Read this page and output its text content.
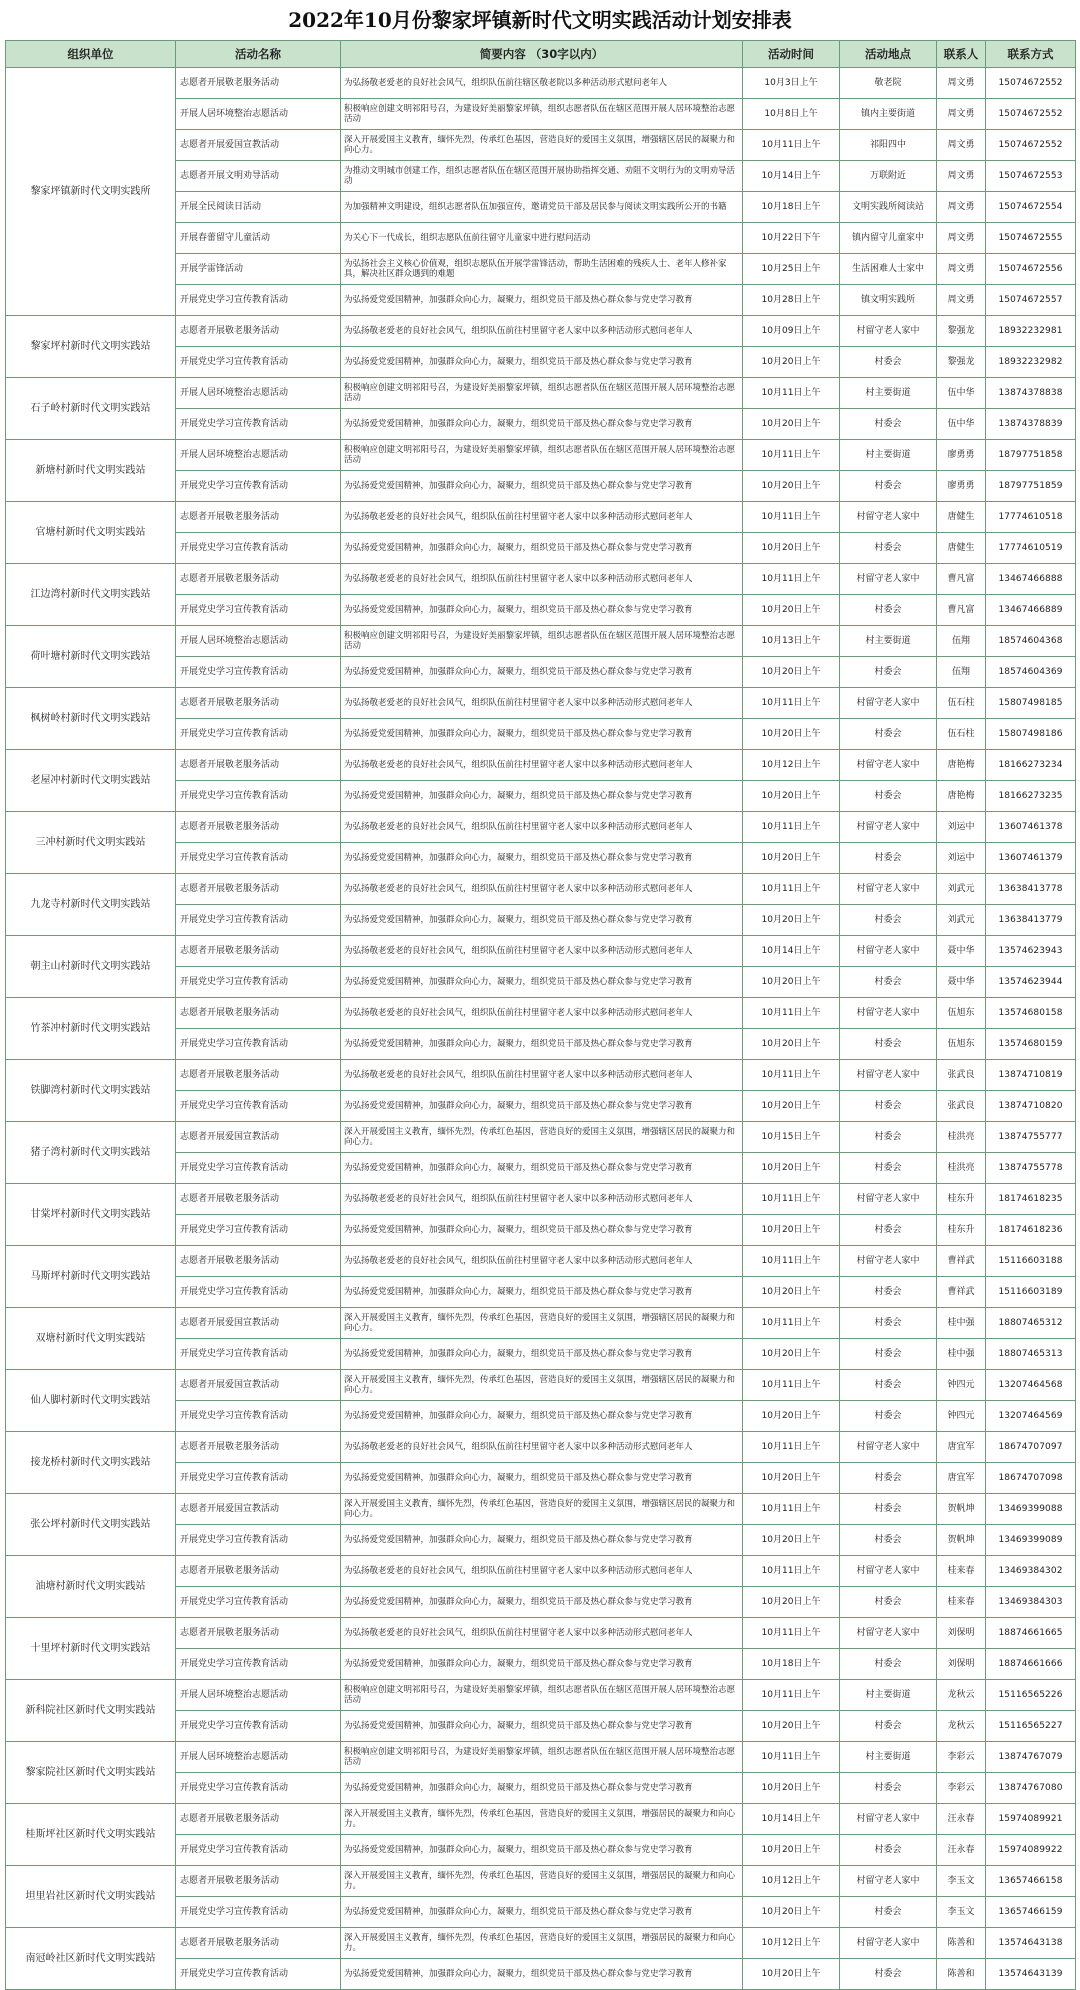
2022年10月份黎家坪镇新时代文明实践活动计划安排表
组织单位	活动名称	简要内容 （30字以内）	活动时间	活动地点	联系人	联系方式
黎家坪镇新时代文明实践所	志愿者开展敬老服务活动	为弘扬敬老爱老的良好社会风气，组织队伍前往辖区敬老院以多种活动形式慰问老年人	10月3日上午	敬老院	周文勇	15074672552
	开展人居环境整治志愿活动	积极响应创建文明祁阳号召，为建设好美丽黎家坪镇，组织志愿者队伍在辖区范围开展人居环境整治志愿活动	10月8日上午	镇内主要街道	周文勇	15074672552
	志愿者开展爱国宣教活动	深入开展爱国主义教育，缅怀先烈，传承红色基因，营造良好的爱国主义氛围，增强辖区居民的凝聚力和向心力。	10月11日上午	祁阳四中	周文勇	15074672552
	志愿者开展文明劝导活动	为推动文明城市创建工作，组织志愿者队伍在辖区范围开展协助指挥交通、劝阻不文明行为的文明劝导活动	10月14日上午	万联附近	周文勇	15074672553
	开展全民阅读日活动	为加强精神文明建设，组织志愿者队伍加强宣传，邀请党员干部及居民参与阅读文明实践所公开的书籍	10月18日上午	文明实践所阅读站	周文勇	15074672554
	开展春蕾留守儿童活动	为关心下一代成长，组织志愿队伍前往留守儿童家中进行慰问活动	10月22日下午	镇内留守儿童家中	周文勇	15074672555
	开展学雷锋活动	为弘扬社会主义核心价值观，组织志愿队伍开展学雷锋活动，帮助生活困难的残疾人士、老年人修补家具，解决社区群众遇到的难题	10月25日上午	生活困难人士家中	周文勇	15074672556
	开展党史学习宣传教育活动	为弘扬爱党爱国精神，加强群众向心力，凝聚力，组织党员干部及热心群众参与党史学习教育	10月28日上午	镇文明实践所	周文勇	15074672557
黎家坪村新时代文明实践站	志愿者开展敬老服务活动	为弘扬敬老爱老的良好社会风气，组织队伍前往村里留守老人家中以多种活动形式慰问老年人	10月09日上午	村留守老人家中	黎强龙	18932232981
	开展党史学习宣传教育活动	为弘扬爱党爱国精神，加强群众向心力，凝聚力，组织党员干部及热心群众参与党史学习教育	10月20日上午	村委会	黎强龙	18932232982
石子岭村新时代文明实践站	开展人居环境整治志愿活动	积极响应创建文明祁阳号召，为建设好美丽黎家坪镇，组织志愿者队伍在辖区范围开展人居环境整治志愿活动	10月11日上午	村主要街道	伍中华	13874378838
	开展党史学习宣传教育活动	为弘扬爱党爱国精神，加强群众向心力，凝聚力，组织党员干部及热心群众参与党史学习教育	10月20日上午	村委会	伍中华	13874378839
新塘村新时代文明实践站	开展人居环境整治志愿活动	积极响应创建文明祁阳号召，为建设好美丽黎家坪镇，组织志愿者队伍在辖区范围开展人居环境整治志愿活动	10月11日上午	村主要街道	廖勇勇	18797751858
	开展党史学习宣传教育活动	为弘扬爱党爱国精神，加强群众向心力，凝聚力，组织党员干部及热心群众参与党史学习教育	10月20日上午	村委会	廖勇勇	18797751859
官塘村新时代文明实践站	志愿者开展敬老服务活动	为弘扬敬老爱老的良好社会风气，组织队伍前往村里留守老人家中以多种活动形式慰问老年人	10月11日上午	村留守老人家中	唐健生	17774610518
	开展党史学习宣传教育活动	为弘扬爱党爱国精神，加强群众向心力，凝聚力，组织党员干部及热心群众参与党史学习教育	10月20日上午	村委会	唐健生	17774610519
江边湾村新时代文明实践站	志愿者开展敬老服务活动	为弘扬敬老爱老的良好社会风气，组织队伍前往村里留守老人家中以多种活动形式慰问老年人	10月11日上午	村留守老人家中	曹凡富	13467466888
	开展党史学习宣传教育活动	为弘扬爱党爱国精神，加强群众向心力，凝聚力，组织党员干部及热心群众参与党史学习教育	10月20日上午	村委会	曹凡富	13467466889
荷叶塘村新时代文明实践站	开展人居环境整治志愿活动	积极响应创建文明祁阳号召，为建设好美丽黎家坪镇，组织志愿者队伍在辖区范围开展人居环境整治志愿活动	10月13日上午	村主要街道	伍翔	18574604368
	开展党史学习宣传教育活动	为弘扬爱党爱国精神，加强群众向心力，凝聚力，组织党员干部及热心群众参与党史学习教育	10月20日上午	村委会	伍翔	18574604369
枫树岭村新时代文明实践站	志愿者开展敬老服务活动	为弘扬敬老爱老的良好社会风气，组织队伍前往村里留守老人家中以多种活动形式慰问老年人	10月11日上午	村留守老人家中	伍石柱	15807498185
	开展党史学习宣传教育活动	为弘扬爱党爱国精神，加强群众向心力，凝聚力，组织党员干部及热心群众参与党史学习教育	10月20日上午	村委会	伍石柱	15807498186
老屋冲村新时代文明实践站	志愿者开展敬老服务活动	为弘扬敬老爱老的良好社会风气，组织队伍前往村里留守老人家中以多种活动形式慰问老年人	10月12日上午	村留守老人家中	唐艳梅	18166273234
	开展党史学习宣传教育活动	为弘扬爱党爱国精神，加强群众向心力，凝聚力，组织党员干部及热心群众参与党史学习教育	10月20日上午	村委会	唐艳梅	18166273235
三冲村新时代文明实践站	志愿者开展敬老服务活动	为弘扬敬老爱老的良好社会风气，组织队伍前往村里留守老人家中以多种活动形式慰问老年人	10月11日上午	村留守老人家中	刘运中	13607461378
	开展党史学习宣传教育活动	为弘扬爱党爱国精神，加强群众向心力，凝聚力，组织党员干部及热心群众参与党史学习教育	10月20日上午	村委会	刘运中	13607461379
九龙寺村新时代文明实践站	志愿者开展敬老服务活动	为弘扬敬老爱老的良好社会风气，组织队伍前往村里留守老人家中以多种活动形式慰问老年人	10月11日上午	村留守老人家中	刘武元	13638413778
	开展党史学习宣传教育活动	为弘扬爱党爱国精神，加强群众向心力，凝聚力，组织党员干部及热心群众参与党史学习教育	10月20日上午	村委会	刘武元	13638413779
朝主山村新时代文明实践站	志愿者开展敬老服务活动	为弘扬敬老爱老的良好社会风气，组织队伍前往村里留守老人家中以多种活动形式慰问老年人	10月14日上午	村留守老人家中	聂中华	13574623943
	开展党史学习宣传教育活动	为弘扬爱党爱国精神，加强群众向心力，凝聚力，组织党员干部及热心群众参与党史学习教育	10月20日上午	村委会	聂中华	13574623944
竹茶冲村新时代文明实践站	志愿者开展敬老服务活动	为弘扬敬老爱老的良好社会风气，组织队伍前往村里留守老人家中以多种活动形式慰问老年人	10月11日上午	村留守老人家中	伍旭东	13574680158
	开展党史学习宣传教育活动	为弘扬爱党爱国精神，加强群众向心力，凝聚力，组织党员干部及热心群众参与党史学习教育	10月20日上午	村委会	伍旭东	13574680159
铁脚湾村新时代文明实践站	志愿者开展敬老服务活动	为弘扬敬老爱老的良好社会风气，组织队伍前往村里留守老人家中以多种活动形式慰问老年人	10月11日上午	村留守老人家中	张武良	13874710819
	开展党史学习宣传教育活动	为弘扬爱党爱国精神，加强群众向心力，凝聚力，组织党员干部及热心群众参与党史学习教育	10月20日上午	村委会	张武良	13874710820
猪子湾村新时代文明实践站	志愿者开展爱国宣教活动	深入开展爱国主义教育，缅怀先烈，传承红色基因，营造良好的爱国主义氛围，增强辖区居民的凝聚力和向心力。	10月15日上午	村委会	桂洪亮	13874755777
	开展党史学习宣传教育活动	为弘扬爱党爱国精神，加强群众向心力，凝聚力，组织党员干部及热心群众参与党史学习教育	10月20日上午	村委会	桂洪亮	13874755778
甘棠坪村新时代文明实践站	志愿者开展敬老服务活动	为弘扬敬老爱老的良好社会风气，组织队伍前往村里留守老人家中以多种活动形式慰问老年人	10月11日上午	村留守老人家中	桂东升	18174618235
	开展党史学习宣传教育活动	为弘扬爱党爱国精神，加强群众向心力，凝聚力，组织党员干部及热心群众参与党史学习教育	10月20日上午	村委会	桂东升	18174618236
马斯坪村新时代文明实践站	志愿者开展敬老服务活动	为弘扬敬老爱老的良好社会风气，组织队伍前往村里留守老人家中以多种活动形式慰问老年人	10月11日上午	村留守老人家中	曹祥武	15116603188
	开展党史学习宣传教育活动	为弘扬爱党爱国精神，加强群众向心力，凝聚力，组织党员干部及热心群众参与党史学习教育	10月20日上午	村委会	曹祥武	15116603189
双塘村新时代文明实践站	志愿者开展爱国宣教活动	深入开展爱国主义教育，缅怀先烈，传承红色基因，营造良好的爱国主义氛围，增强辖区居民的凝聚力和向心力。	10月11日上午	村委会	桂中强	18807465312
	开展党史学习宣传教育活动	为弘扬爱党爱国精神，加强群众向心力，凝聚力，组织党员干部及热心群众参与党史学习教育	10月20日上午	村委会	桂中强	18807465313
仙人脚村新时代文明实践站	志愿者开展爱国宣教活动	深入开展爱国主义教育，缅怀先烈，传承红色基因，营造良好的爱国主义氛围，增强辖区居民的凝聚力和向心力。	10月11日上午	村委会	钟四元	13207464568
	开展党史学习宣传教育活动	为弘扬爱党爱国精神，加强群众向心力，凝聚力，组织党员干部及热心群众参与党史学习教育	10月20日上午	村委会	钟四元	13207464569
接龙桥村新时代文明实践站	志愿者开展敬老服务活动	为弘扬敬老爱老的良好社会风气，组织队伍前往村里留守老人家中以多种活动形式慰问老年人	10月11日上午	村留守老人家中	唐宜军	18674707097
	开展党史学习宣传教育活动	为弘扬爱党爱国精神，加强群众向心力，凝聚力，组织党员干部及热心群众参与党史学习教育	10月20日上午	村委会	唐宜军	18674707098
张公坪村新时代文明实践站	志愿者开展爱国宣教活动	深入开展爱国主义教育，缅怀先烈，传承红色基因，营造良好的爱国主义氛围，增强辖区居民的凝聚力和向心力。	10月11日上午	村委会	贺帆坤	13469399088
	开展党史学习宣传教育活动	为弘扬爱党爱国精神，加强群众向心力，凝聚力，组织党员干部及热心群众参与党史学习教育	10月20日上午	村委会	贺帆坤	13469399089
油塘村新时代文明实践站	志愿者开展敬老服务活动	为弘扬敬老爱老的良好社会风气，组织队伍前往村里留守老人家中以多种活动形式慰问老年人	10月11日上午	村留守老人家中	桂来春	13469384302
	开展党史学习宣传教育活动	为弘扬爱党爱国精神，加强群众向心力，凝聚力，组织党员干部及热心群众参与党史学习教育	10月20日上午	村委会	桂来春	13469384303
十里坪村新时代文明实践站	志愿者开展敬老服务活动	为弘扬敬老爱老的良好社会风气，组织队伍前往村里留守老人家中以多种活动形式慰问老年人	10月11日上午	村留守老人家中	刘保明	18874661665
	开展党史学习宣传教育活动	为弘扬爱党爱国精神，加强群众向心力，凝聚力，组织党员干部及热心群众参与党史学习教育	10月18日上午	村委会	刘保明	18874661666
新科院社区新时代文明实践站	开展人居环境整治志愿活动	积极响应创建文明祁阳号召，为建设好美丽黎家坪镇，组织志愿者队伍在辖区范围开展人居环境整治志愿活动	10月11日上午	村主要街道	龙秋云	15116565226
	开展党史学习宣传教育活动	为弘扬爱党爱国精神，加强群众向心力，凝聚力，组织党员干部及热心群众参与党史学习教育	10月20日上午	村委会	龙秋云	15116565227
黎家院社区新时代文明实践站	开展人居环境整治志愿活动	积极响应创建文明祁阳号召，为建设好美丽黎家坪镇，组织志愿者队伍在辖区范围开展人居环境整治志愿活动	10月11日上午	村主要街道	李彩云	13874767079
	开展党史学习宣传教育活动	为弘扬爱党爱国精神，加强群众向心力，凝聚力，组织党员干部及热心群众参与党史学习教育	10月20日上午	村委会	李彩云	13874767080
桂斯坪社区新时代文明实践站	志愿者开展敬老服务活动	深入开展爱国主义教育，缅怀先烈，传承红色基因，营造良好的爱国主义氛围，增强居民的凝聚力和向心力。	10月14日上午	村留守老人家中	汪永春	15974089921
	开展党史学习宣传教育活动	为弘扬爱党爱国精神，加强群众向心力，凝聚力，组织党员干部及热心群众参与党史学习教育	10月20日上午	村委会	汪永春	15974089922
坦里岩社区新时代文明实践站	志愿者开展敬老服务活动	深入开展爱国主义教育，缅怀先烈，传承红色基因，营造良好的爱国主义氛围，增强居民的凝聚力和向心力。	10月12日上午	村留守老人家中	李玉文	13657466158
	开展党史学习宣传教育活动	为弘扬爱党爱国精神，加强群众向心力，凝聚力，组织党员干部及热心群众参与党史学习教育	10月20日上午	村委会	李玉文	13657466159
南冠岭社区新时代文明实践站	志愿者开展敬老服务活动	深入开展爱国主义教育，缅怀先烈，传承红色基因，营造良好的爱国主义氛围，增强居民的凝聚力和向心力。	10月12日上午	村留守老人家中	陈善和	13574643138
	开展党史学习宣传教育活动	为弘扬爱党爱国精神，加强群众向心力，凝聚力，组织党员干部及热心群众参与党史学习教育	10月20日上午	村委会	陈善和	13574643139
